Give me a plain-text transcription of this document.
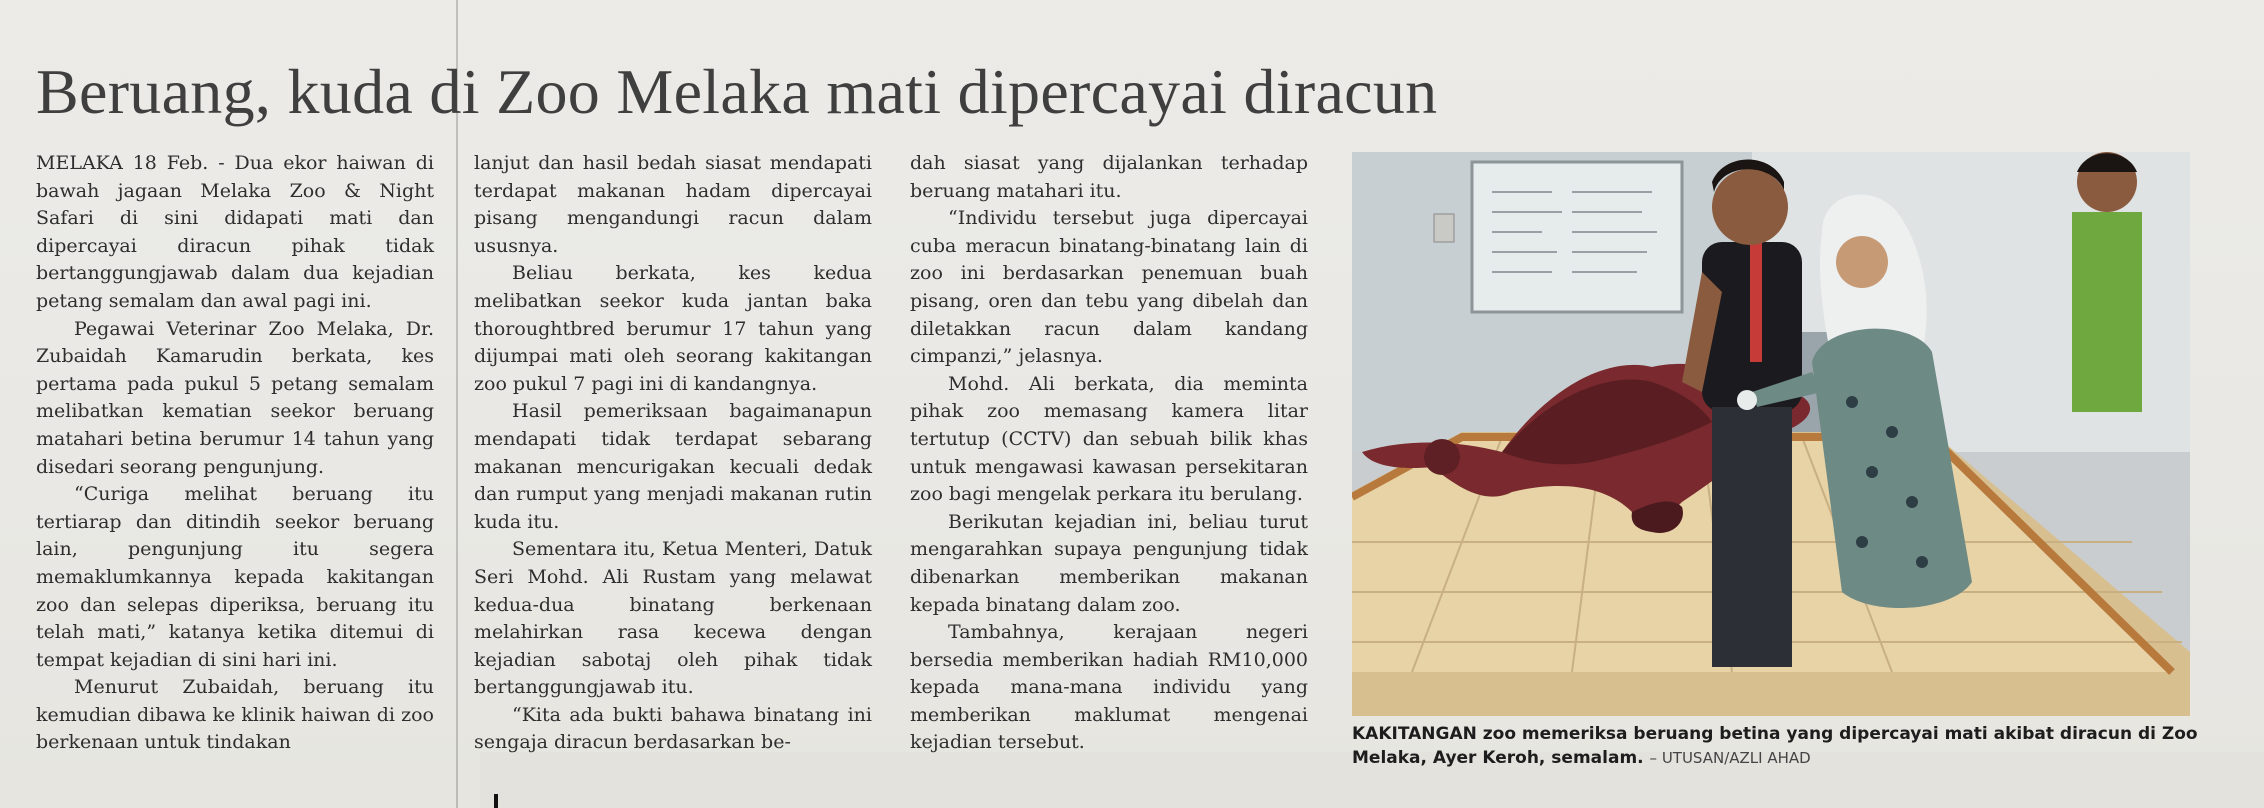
Beruang, kuda di Zoo Melaka mati dipercayai diracun

MELAKA 18 Feb. - Dua ekor haiwan di bawah jagaan Melaka Zoo & Night Safari di sini didapati mati dan dipercayai diracun pihak tidak bertanggungjawab dalam dua kejadian petang semalam dan awal pagi ini.

Pegawai Veterinar Zoo Melaka, Dr. Zubaidah Kamarudin berkata, kes pertama pada pukul 5 petang semalam melibatkan kematian seekor beruang matahari betina berumur 14 tahun yang disedari seorang pengunjung.

“Curiga melihat beruang itu tertiarap dan ditindih seekor beruang lain, pengunjung itu segera memaklumkannya kepada kakitangan zoo dan selepas diperiksa, beruang itu telah mati,” katanya ketika ditemui di tempat kejadian di sini hari ini.

Menurut Zubaidah, beruang itu kemudian dibawa ke klinik haiwan di zoo berkenaan untuk tindakan

lanjut dan hasil bedah siasat mendapati terdapat makanan hadam dipercayai pisang mengandungi racun dalam ususnya.

Beliau berkata, kes kedua melibatkan seekor kuda jantan baka thoroughtbred berumur 17 tahun yang dijumpai mati oleh seorang kakitangan zoo pukul 7 pagi ini di kandangnya.

Hasil pemeriksaan bagaimanapun mendapati tidak terdapat sebarang makanan mencurigakan kecuali dedak dan rumput yang menjadi makanan rutin kuda itu.

Sementara itu, Ketua Menteri, Datuk Seri Mohd. Ali Rustam yang melawat kedua-dua binatang berkenaan melahirkan rasa kecewa dengan kejadian sabotaj oleh pihak tidak bertanggungjawab itu.

“Kita ada bukti bahawa binatang ini sengaja diracun berdasarkan be-

dah siasat yang dijalankan terhadap beruang matahari itu.

“Individu tersebut juga dipercayai cuba meracun binatang-binatang lain di zoo ini berdasarkan penemuan buah pisang, oren dan tebu yang dibelah dan diletakkan racun dalam kandang cimpanzi,” jelasnya.

Mohd. Ali berkata, dia meminta pihak zoo memasang kamera litar tertutup (CCTV) dan sebuah bilik khas untuk mengawasi kawasan persekitaran zoo bagi mengelak perkara itu berulang.

Berikutan kejadian ini, beliau turut mengarahkan supaya pengunjung tidak dibenarkan memberikan makanan kepada binatang dalam zoo.

Tambahnya, kerajaan negeri bersedia memberikan hadiah RM10,000 kepada mana-mana individu yang memberikan maklumat mengenai kejadian tersebut.	KAKITANGAN zoo memeriksa beruang betina yang dipercayai mati akibat diracun di Zoo Melaka, Ayer Keroh, semalam. – UTUSAN/AZLI AHAD
